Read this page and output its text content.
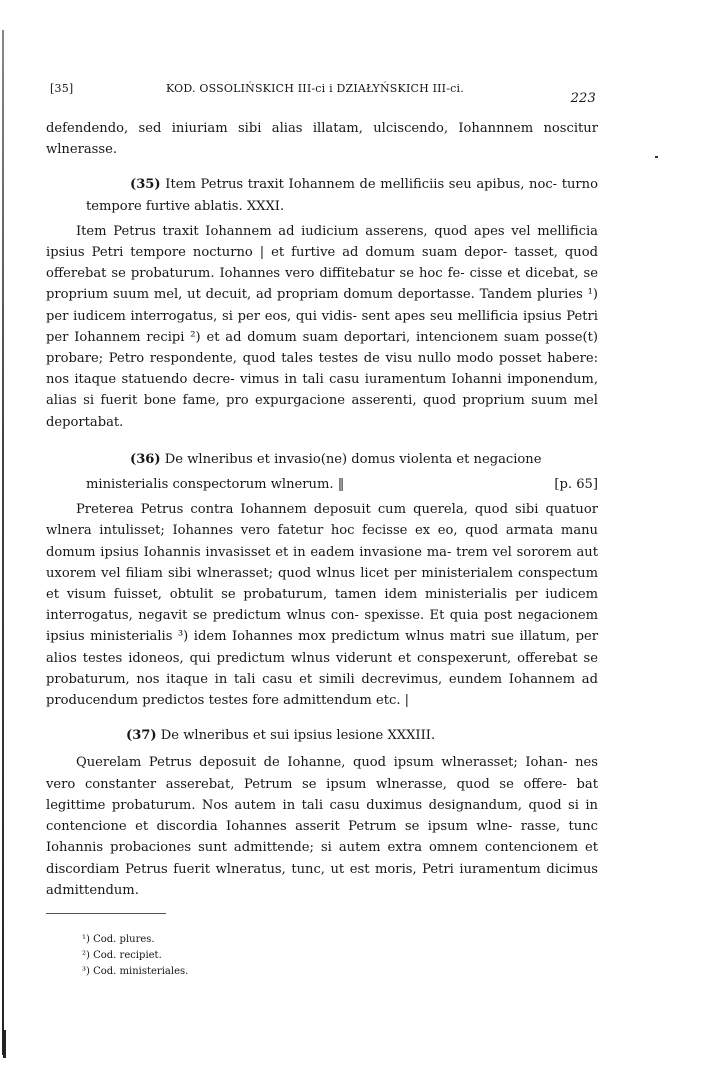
[35]	KOD. OSSOLIŃSKICH III-ci i DZIAŁYŃSKICH III-ci.
223

defendendo, sed iniuriam sibi alias illatam, ulciscendo, Iohannnem noscitur wlnerasse.

(35) Item Petrus traxit Iohannem de mellificiis seu apibus, noc- turno tempore furtive ablatis. XXXI.

Item Petrus traxit Iohannem ad iudicium asserens, quod apes vel mellificia ipsius Petri tempore nocturno | et furtive ad domum suam depor- tasset, quod offerebat se probaturum. Iohannes vero diffitebatur se hoc fe- cisse et dicebat, se proprium suum mel, ut decuit, ad propriam domum deportasse. Tandem pluries ¹) per iudicem interrogatus, si per eos, qui vidis- sent apes seu mellificia ipsius Petri per Iohannem recipi ²) et ad domum suam deportari, intencionem suam posse(t) probare; Petro respondente, quod tales testes de visu nullo modo posset habere: nos itaque statuendo decre- vimus in tali casu iuramentum Iohanni imponendum, alias si fuerit bone fame, pro expurgacione asserenti, quod proprium suum mel deportabat.

(36) De wlneribus et invasio(ne) domus violenta et negacione

ministerialis conspectorum wlnerum. ‖	[p. 65]

Preterea Petrus contra Iohannem deposuit cum querela, quod sibi quatuor wlnera intulisset; Iohannes vero fatetur hoc fecisse ex eo, quod armata manu domum ipsius Iohannis invasisset et in eadem invasione ma- trem vel sororem aut uxorem vel filiam sibi wlnerasset; quod wlnus licet per ministerialem conspectum et visum fuisset, obtulit se probaturum, tamen idem ministerialis per iudicem interrogatus, negavit se predictum wlnus con- spexisse. Et quia post negacionem ipsius ministerialis ³) idem Iohannes mox predictum wlnus matri sue illatum, per alios testes idoneos, qui predictum wlnus viderunt et conspexerunt, offerebat se probaturum, nos itaque in tali casu et simili decrevimus, eundem Iohannem ad producendum predictos testes fore admittendum etc. |

(37) De wlneribus et sui ipsius lesione XXXIII.

Querelam Petrus deposuit de Iohanne, quod ipsum wlnerasset; Iohan- nes vero constanter asserebat, Petrum se ipsum wlnerasse, quod se offere- bat legittime probaturum. Nos autem in tali casu duximus designandum, quod si in contencione et discordia Iohannes asserit Petrum se ipsum wlne- rasse, tunc Iohannis probaciones sunt admittende; si autem extra omnem contencionem et discordiam Petrus fuerit wlneratus, tunc, ut est moris, Petri iuramentum dicimus admittendum.

¹) Cod. plures.
²) Cod. recipiet.
³) Cod. ministeriales.
